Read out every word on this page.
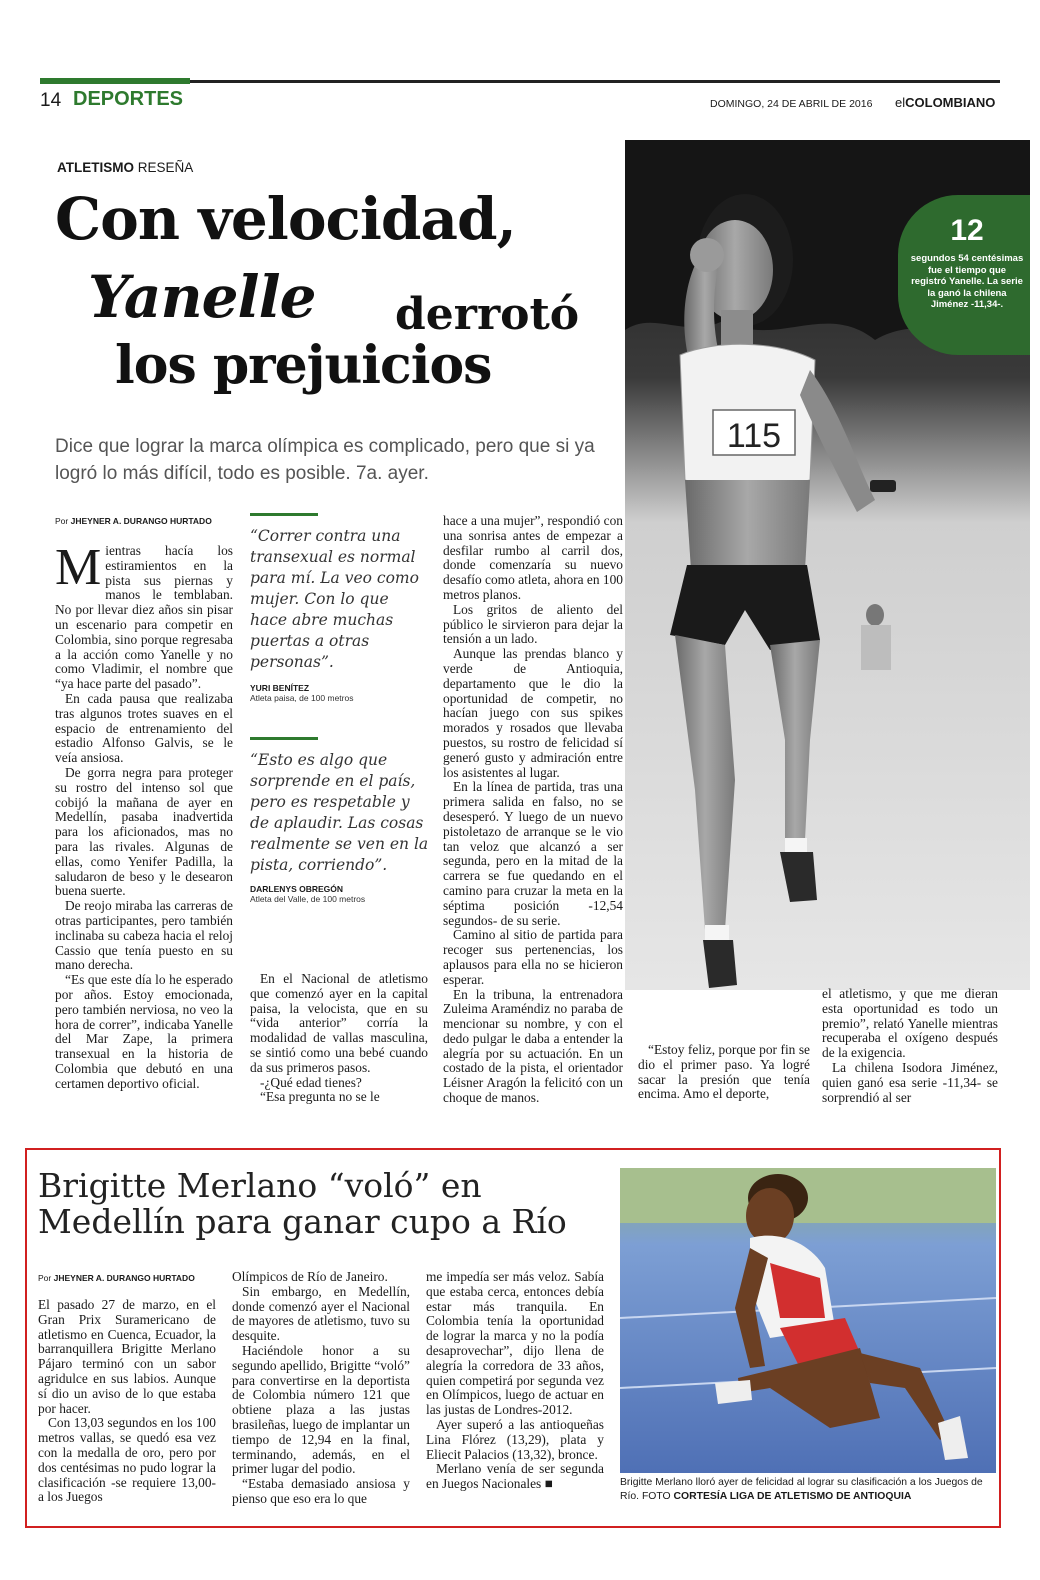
14 DEPORTES	DOMINGO, 24 DE ABRIL DE 2016 elCOLOMBIANO
ATLETISMO RESEÑA
Con velocidad,
Yanelle derrotó
los prejuicios
Dice que lograr la marca olímpica es complicado, pero que si ya logró lo más difícil, todo es posible. 7a. ayer.
115
12
segundos 54 centésimas fue el tiempo que registró Yanelle. La serie la ganó la chilena Jiménez -11,34-.
Por JHEYNER A. DURANGO HURTADO

Mientras hacía los estiramientos en la pista sus piernas y manos le temblaban. No por llevar diez años sin pisar un escenario para competir en Colombia, sino porque regresaba a la acción como Yanelle y no como Vladimir, el nombre que “ya hace parte del pasado”.

En cada pausa que realizaba tras algunos trotes suaves en el espacio de entrenamiento del estadio Alfonso Galvis, se le veía ansiosa.

De gorra negra para proteger su rostro del intenso sol que cobijó la mañana de ayer en Medellín, pasaba inadvertida para los aficionados, mas no para las rivales. Algunas de ellas, como Yenifer Padilla, la saludaron de beso y le desearon buena suerte.

De reojo miraba las carreras de otras participantes, pero también inclinaba su cabeza hacia el reloj Cassio que tenía puesto en su mano derecha.

“Es que este día lo he esperado por años. Estoy emocionada, pero también nerviosa, no veo la hora de correr”, indicaba Yanelle del Mar Zape, la primera transexual en la historia de Colombia que debutó en una certamen deportivo oficial.

“Correr contra una transexual es normal para mí. La veo como mujer. Con lo que hace abre muchas puertas a otras personas”.
YURI BENÍTEZ
Atleta paisa, de 100 metros
“Esto es algo que sorprende en el país, pero es respetable y de aplaudir. Las cosas realmente se ven en la pista, corriendo”.
DARLENYS OBREGÓN
Atleta del Valle, de 100 metros

En el Nacional de atletismo que comenzó ayer en la capital paisa, la velocista, que en su “vida anterior” corría la modalidad de vallas masculina, se sintió como una bebé cuando da sus primeros pasos.

-¿Qué edad tienes?

“Esa pregunta no se le

hace a una mujer”, respondió con una sonrisa antes de empezar a desfilar rumbo al carril dos, donde comenzaría su nuevo desafío como atleta, ahora en 100 metros planos.

Los gritos de aliento del público le sirvieron para dejar la tensión a un lado.

Aunque las prendas blanco y verde de Antioquia, departamento que le dio la oportunidad de competir, no hacían juego con sus spikes morados y rosados que llevaba puestos, su rostro de felicidad sí generó gusto y admiración entre los asistentes al lugar.

En la línea de partida, tras una primera salida en falso, no se desesperó. Y luego de un nuevo pistoletazo de arranque se le vio tan veloz que alcanzó a ser segunda, pero en la mitad de la carrera se fue quedando en el camino para cruzar la meta en la séptima posición -12,54 segundos- de su serie.

Camino al sitio de partida para recoger sus pertenencias, los aplausos para ella no se hicieron esperar.

En la tribuna, la entrenadora Zuleima Araméndiz no paraba de mencionar su nombre, y con el dedo pulgar le daba a entender la alegría por su actuación. En un costado de la pista, el orientador Léisner Aragón la felicitó con un choque de manos.

“Estoy feliz, porque por fin se dio el primer paso. Ya logré sacar la presión que tenía encima. Amo el deporte,

el atletismo, y que me dieran esta oportunidad es todo un premio”, relató Yanelle mientras recuperaba el oxígeno después de la exigencia.

La chilena Isodora Jiménez, quien ganó esa serie -11,34- se sorprendió al ser

Brigitte Merlano “voló” en Medellín para ganar cupo a Río
Por JHEYNER A. DURANGO HURTADO

El pasado 27 de marzo, en el Gran Prix Suramericano de atletismo en Cuenca, Ecuador, la barranquillera Brigitte Merlano Pájaro terminó con un sabor agridulce en sus labios. Aunque sí dio un aviso de lo que estaba por hacer.

Con 13,03 segundos en los 100 metros vallas, se quedó esa vez con la medalla de oro, pero por dos centésimas no pudo lograr la clasificación -se requiere 13,00- a los Juegos

Olímpicos de Río de Janeiro.

Sin embargo, en Medellín, donde comenzó ayer el Nacional de mayores de atletismo, tuvo su desquite.

Haciéndole honor a su segundo apellido, Brigitte “voló” para convertirse en la deportista de Colombia número 121 que obtiene plaza a las justas brasileñas, luego de implantar un tiempo de 12,94 en la final, terminando, además, en el primer lugar del podio.

“Estaba demasiado ansiosa y pienso que eso era lo que

me impedía ser más veloz. Sabía que estaba cerca, entonces debía estar más tranquila. En Colombia tenía la oportunidad de lograr la marca y no la podía desaprovechar”, dijo llena de alegría la corredora de 33 años, quien competirá por segunda vez en Olímpicos, luego de actuar en las justas de Londres-2012.

Ayer superó a las antioqueñas Lina Flórez (13,29), plata y Eliecit Palacios (13,32), bronce.

Merlano venía de ser segunda en Juegos Nacionales ■	Brigitte Merlano lloró ayer de felicidad al lograr su clasificación a los Juegos de Río. FOTO CORTESÍA LIGA DE ATLETISMO DE ANTIOQUIA
